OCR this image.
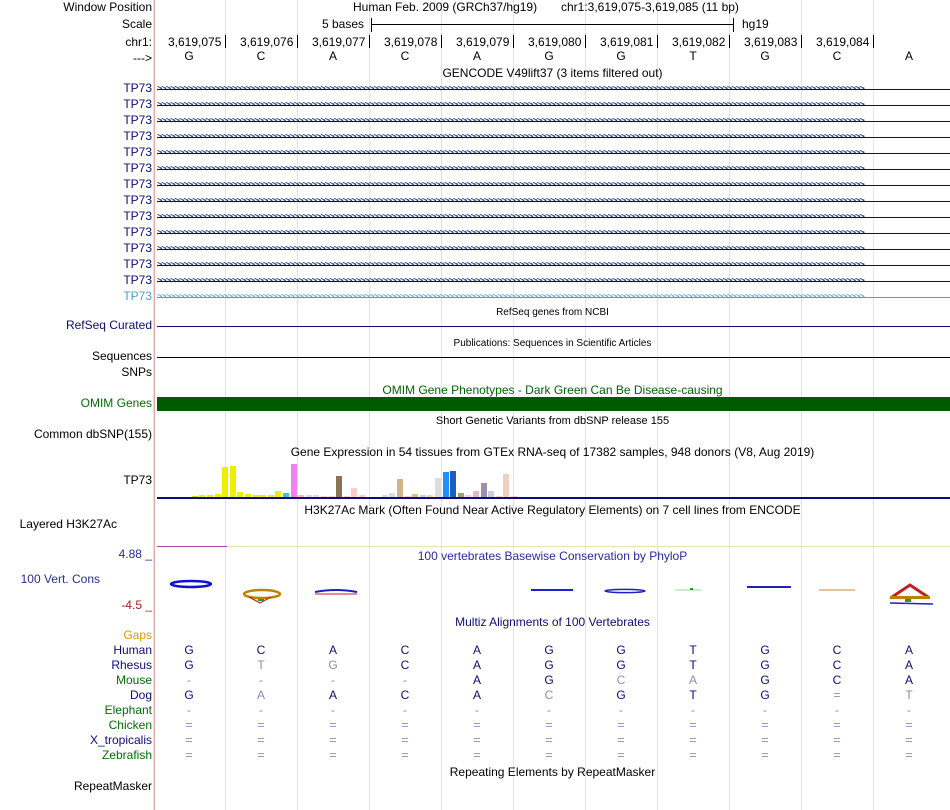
Window Position
Scale
chr1:
--->
TP73
TP73
TP73
TP73
TP73
TP73
TP73
TP73
TP73
TP73
TP73
TP73
TP73
TP73
RefSeq Curated
Sequences
SNPs
OMIM Genes
Common dbSNP(155)
TP73
Layered H3K27Ac
4.88 _
100 Vert. Cons
-4.5 _
Gaps
Human
Rhesus
Mouse
Dog
Elephant
Chicken
X_tropicalis
Zebrafish
RepeatMasker
Human Feb. 2009 (GRCh37/hg19) chr1:3,619,075-3,619,085 (11 bp)
5 bases	hg19
3,619,075 3,619,076 3,619,077 3,619,078 3,619,079 3,619,080 3,619,081 3,619,082 3,619,083 3,619,084
G	C	A	C	A	G	G	T	G	C	A
GENCODE V49lift37 (3 items filtered out)
>>>>>>>>>>>>>>>>>>>>>>>>>>>>>>>>>>>>>>>>>>>>>>>>>>>>>>>>>>>>>>>>>>>>>>>>>>>>>>>>>>>>>>>>>>>>>>>>>>>>>>>>>>>>>>>>>>>>>>>>>>>>>>>>>>>>>>>>>>>>>>>>>>>>>>>>>>>>>>>>
>>>>>>>>>>>>>>>>>>>>>>>>>>>>>>>>>>>>>>>>>>>>>>>>>>>>>>>>>>>>>>>>>>>>>>>>>>>>>>>>>>>>>>>>>>>>>>>>>>>>>>>>>>>>>>>>>>>>>>>>>>>>>>>>>>>>>>>>>>>>>>>>>>>>>>>>>>>>>>>>
>>>>>>>>>>>>>>>>>>>>>>>>>>>>>>>>>>>>>>>>>>>>>>>>>>>>>>>>>>>>>>>>>>>>>>>>>>>>>>>>>>>>>>>>>>>>>>>>>>>>>>>>>>>>>>>>>>>>>>>>>>>>>>>>>>>>>>>>>>>>>>>>>>>>>>>>>>>>>>>>
>>>>>>>>>>>>>>>>>>>>>>>>>>>>>>>>>>>>>>>>>>>>>>>>>>>>>>>>>>>>>>>>>>>>>>>>>>>>>>>>>>>>>>>>>>>>>>>>>>>>>>>>>>>>>>>>>>>>>>>>>>>>>>>>>>>>>>>>>>>>>>>>>>>>>>>>>>>>>>>>
>>>>>>>>>>>>>>>>>>>>>>>>>>>>>>>>>>>>>>>>>>>>>>>>>>>>>>>>>>>>>>>>>>>>>>>>>>>>>>>>>>>>>>>>>>>>>>>>>>>>>>>>>>>>>>>>>>>>>>>>>>>>>>>>>>>>>>>>>>>>>>>>>>>>>>>>>>>>>>>>
>>>>>>>>>>>>>>>>>>>>>>>>>>>>>>>>>>>>>>>>>>>>>>>>>>>>>>>>>>>>>>>>>>>>>>>>>>>>>>>>>>>>>>>>>>>>>>>>>>>>>>>>>>>>>>>>>>>>>>>>>>>>>>>>>>>>>>>>>>>>>>>>>>>>>>>>>>>>>>>>
>>>>>>>>>>>>>>>>>>>>>>>>>>>>>>>>>>>>>>>>>>>>>>>>>>>>>>>>>>>>>>>>>>>>>>>>>>>>>>>>>>>>>>>>>>>>>>>>>>>>>>>>>>>>>>>>>>>>>>>>>>>>>>>>>>>>>>>>>>>>>>>>>>>>>>>>>>>>>>>>
>>>>>>>>>>>>>>>>>>>>>>>>>>>>>>>>>>>>>>>>>>>>>>>>>>>>>>>>>>>>>>>>>>>>>>>>>>>>>>>>>>>>>>>>>>>>>>>>>>>>>>>>>>>>>>>>>>>>>>>>>>>>>>>>>>>>>>>>>>>>>>>>>>>>>>>>>>>>>>>>
>>>>>>>>>>>>>>>>>>>>>>>>>>>>>>>>>>>>>>>>>>>>>>>>>>>>>>>>>>>>>>>>>>>>>>>>>>>>>>>>>>>>>>>>>>>>>>>>>>>>>>>>>>>>>>>>>>>>>>>>>>>>>>>>>>>>>>>>>>>>>>>>>>>>>>>>>>>>>>>>
>>>>>>>>>>>>>>>>>>>>>>>>>>>>>>>>>>>>>>>>>>>>>>>>>>>>>>>>>>>>>>>>>>>>>>>>>>>>>>>>>>>>>>>>>>>>>>>>>>>>>>>>>>>>>>>>>>>>>>>>>>>>>>>>>>>>>>>>>>>>>>>>>>>>>>>>>>>>>>>>
>>>>>>>>>>>>>>>>>>>>>>>>>>>>>>>>>>>>>>>>>>>>>>>>>>>>>>>>>>>>>>>>>>>>>>>>>>>>>>>>>>>>>>>>>>>>>>>>>>>>>>>>>>>>>>>>>>>>>>>>>>>>>>>>>>>>>>>>>>>>>>>>>>>>>>>>>>>>>>>>
>>>>>>>>>>>>>>>>>>>>>>>>>>>>>>>>>>>>>>>>>>>>>>>>>>>>>>>>>>>>>>>>>>>>>>>>>>>>>>>>>>>>>>>>>>>>>>>>>>>>>>>>>>>>>>>>>>>>>>>>>>>>>>>>>>>>>>>>>>>>>>>>>>>>>>>>>>>>>>>>
>>>>>>>>>>>>>>>>>>>>>>>>>>>>>>>>>>>>>>>>>>>>>>>>>>>>>>>>>>>>>>>>>>>>>>>>>>>>>>>>>>>>>>>>>>>>>>>>>>>>>>>>>>>>>>>>>>>>>>>>>>>>>>>>>>>>>>>>>>>>>>>>>>>>>>>>>>>>>>>>
>>>>>>>>>>>>>>>>>>>>>>>>>>>>>>>>>>>>>>>>>>>>>>>>>>>>>>>>>>>>>>>>>>>>>>>>>>>>>>>>>>>>>>>>>>>>>>>>>>>>>>>>>>>>>>>>>>>>>>>>>>>>>>>>>>>>>>>>>>>>>>>>>>>>>>>>>>>>>>>>
RefSeq genes from NCBI
Publications: Sequences in Scientific Articles
OMIM Gene Phenotypes - Dark Green Can Be Disease-causing
Short Genetic Variants from dbSNP release 155
Gene Expression in 54 tissues from GTEx RNA-seq of 17382 samples, 948 donors (V8, Aug 2019)
H3K27Ac Mark (Often Found Near Active Regulatory Elements) on 7 cell lines from ENCODE
100 vertebrates Basewise Conservation by PhyloP
Multiz Alignments of 100 Vertebrates
G	C	A	C	A	G	G	T	G	C	A
G	T	G	C	A	G	G	T	G	C	A
-	-	-	-	A	G	C	A	G	C	A
G	A	A	C	A	C	G	T	G	=	T
-	-	-	-	-	-	-	-	-	-	-
=	=	=	=	=	=	=	=	=	=	=
=	=	=	=	=	=	=	=	=	=	=
=	=	=	=	=	=	=	=	=	=	=
Repeating Elements by RepeatMasker
